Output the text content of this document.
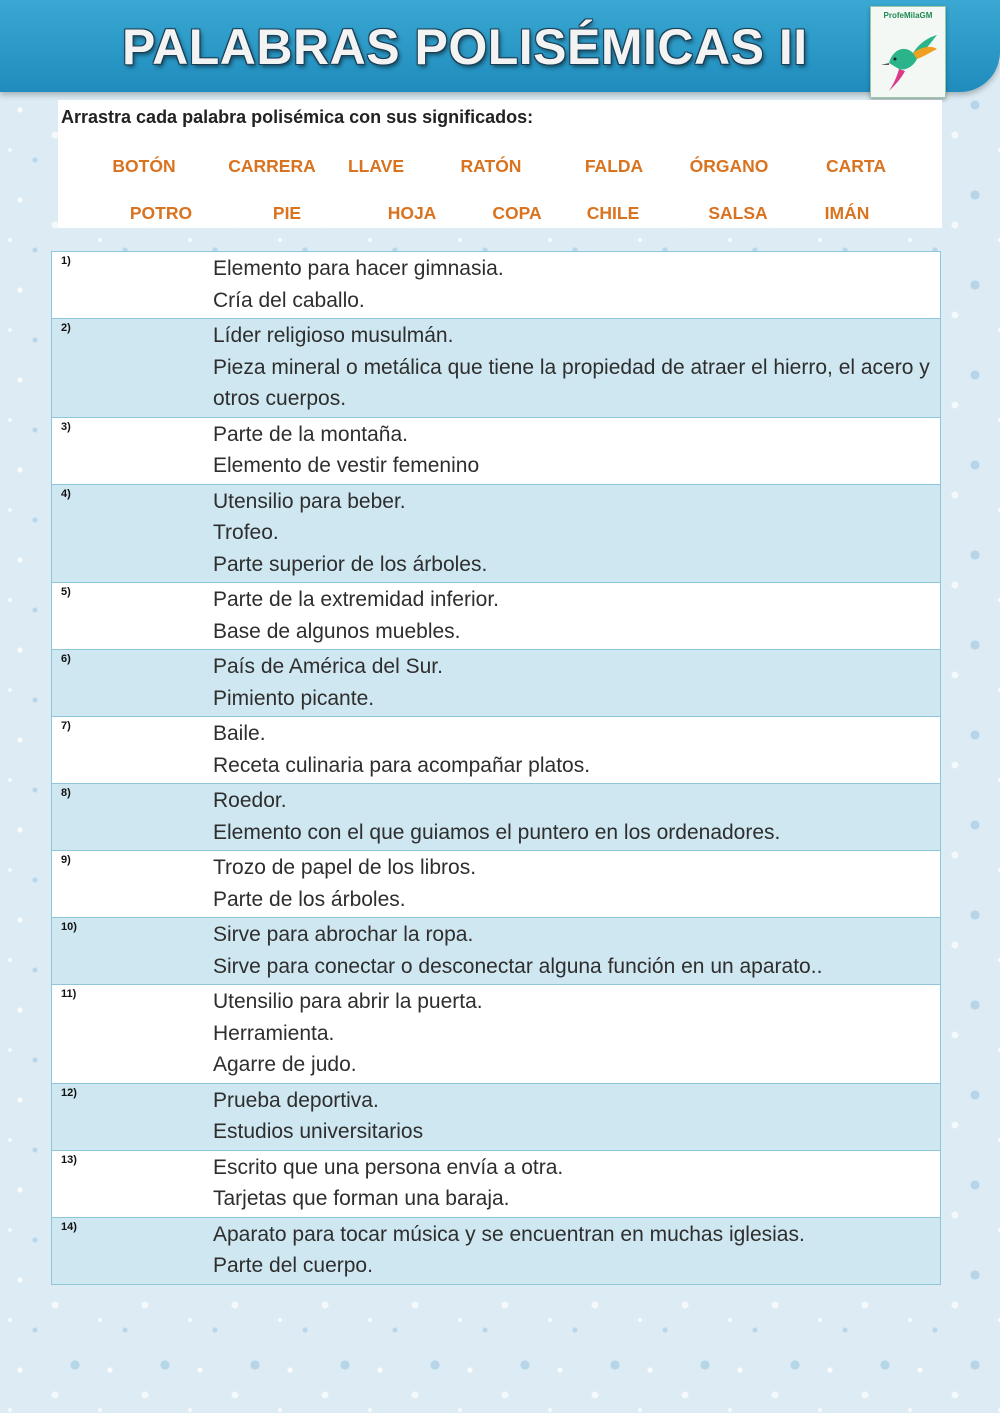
PALABRAS POLISÉMICAS II
ProfeMilaGM

Arrastra cada palabra polisémica con sus significados:

BOTÓN	CARRERA	LLAVE	RATÓN	FALDA	ÓRGANO	CARTA
POTRO	PIE	HOJA	COPA	CHILE	SALSA	IMÁN
1)	Elemento para hacer gimnasia.
Cría del caballo.
2)	Líder religioso musulmán.
Pieza mineral o metálica que tiene la propiedad de atraer el hierro, el acero y otros cuerpos.
3)	Parte de la montaña.
Elemento de vestir femenino
4)	Utensilio para beber.
Trofeo.
Parte superior de los árboles.
5)	Parte de la extremidad inferior.
Base de algunos muebles.
6)	País de América del Sur.
Pimiento picante.
7)	Baile.
Receta culinaria para acompañar platos.
8)	Roedor.
Elemento con el que guiamos el puntero en los ordenadores.
9)	Trozo de papel de los libros.
Parte de los árboles.
10)	Sirve para abrochar la ropa.
Sirve para conectar o desconectar alguna función en un aparato..
11)	Utensilio para abrir la puerta.
Herramienta.
Agarre de judo.
12)	Prueba deportiva.
Estudios universitarios
13)	Escrito que una persona envía a otra.
Tarjetas que forman una baraja.
14)	Aparato para tocar música y se encuentran en muchas iglesias.
Parte del cuerpo.
